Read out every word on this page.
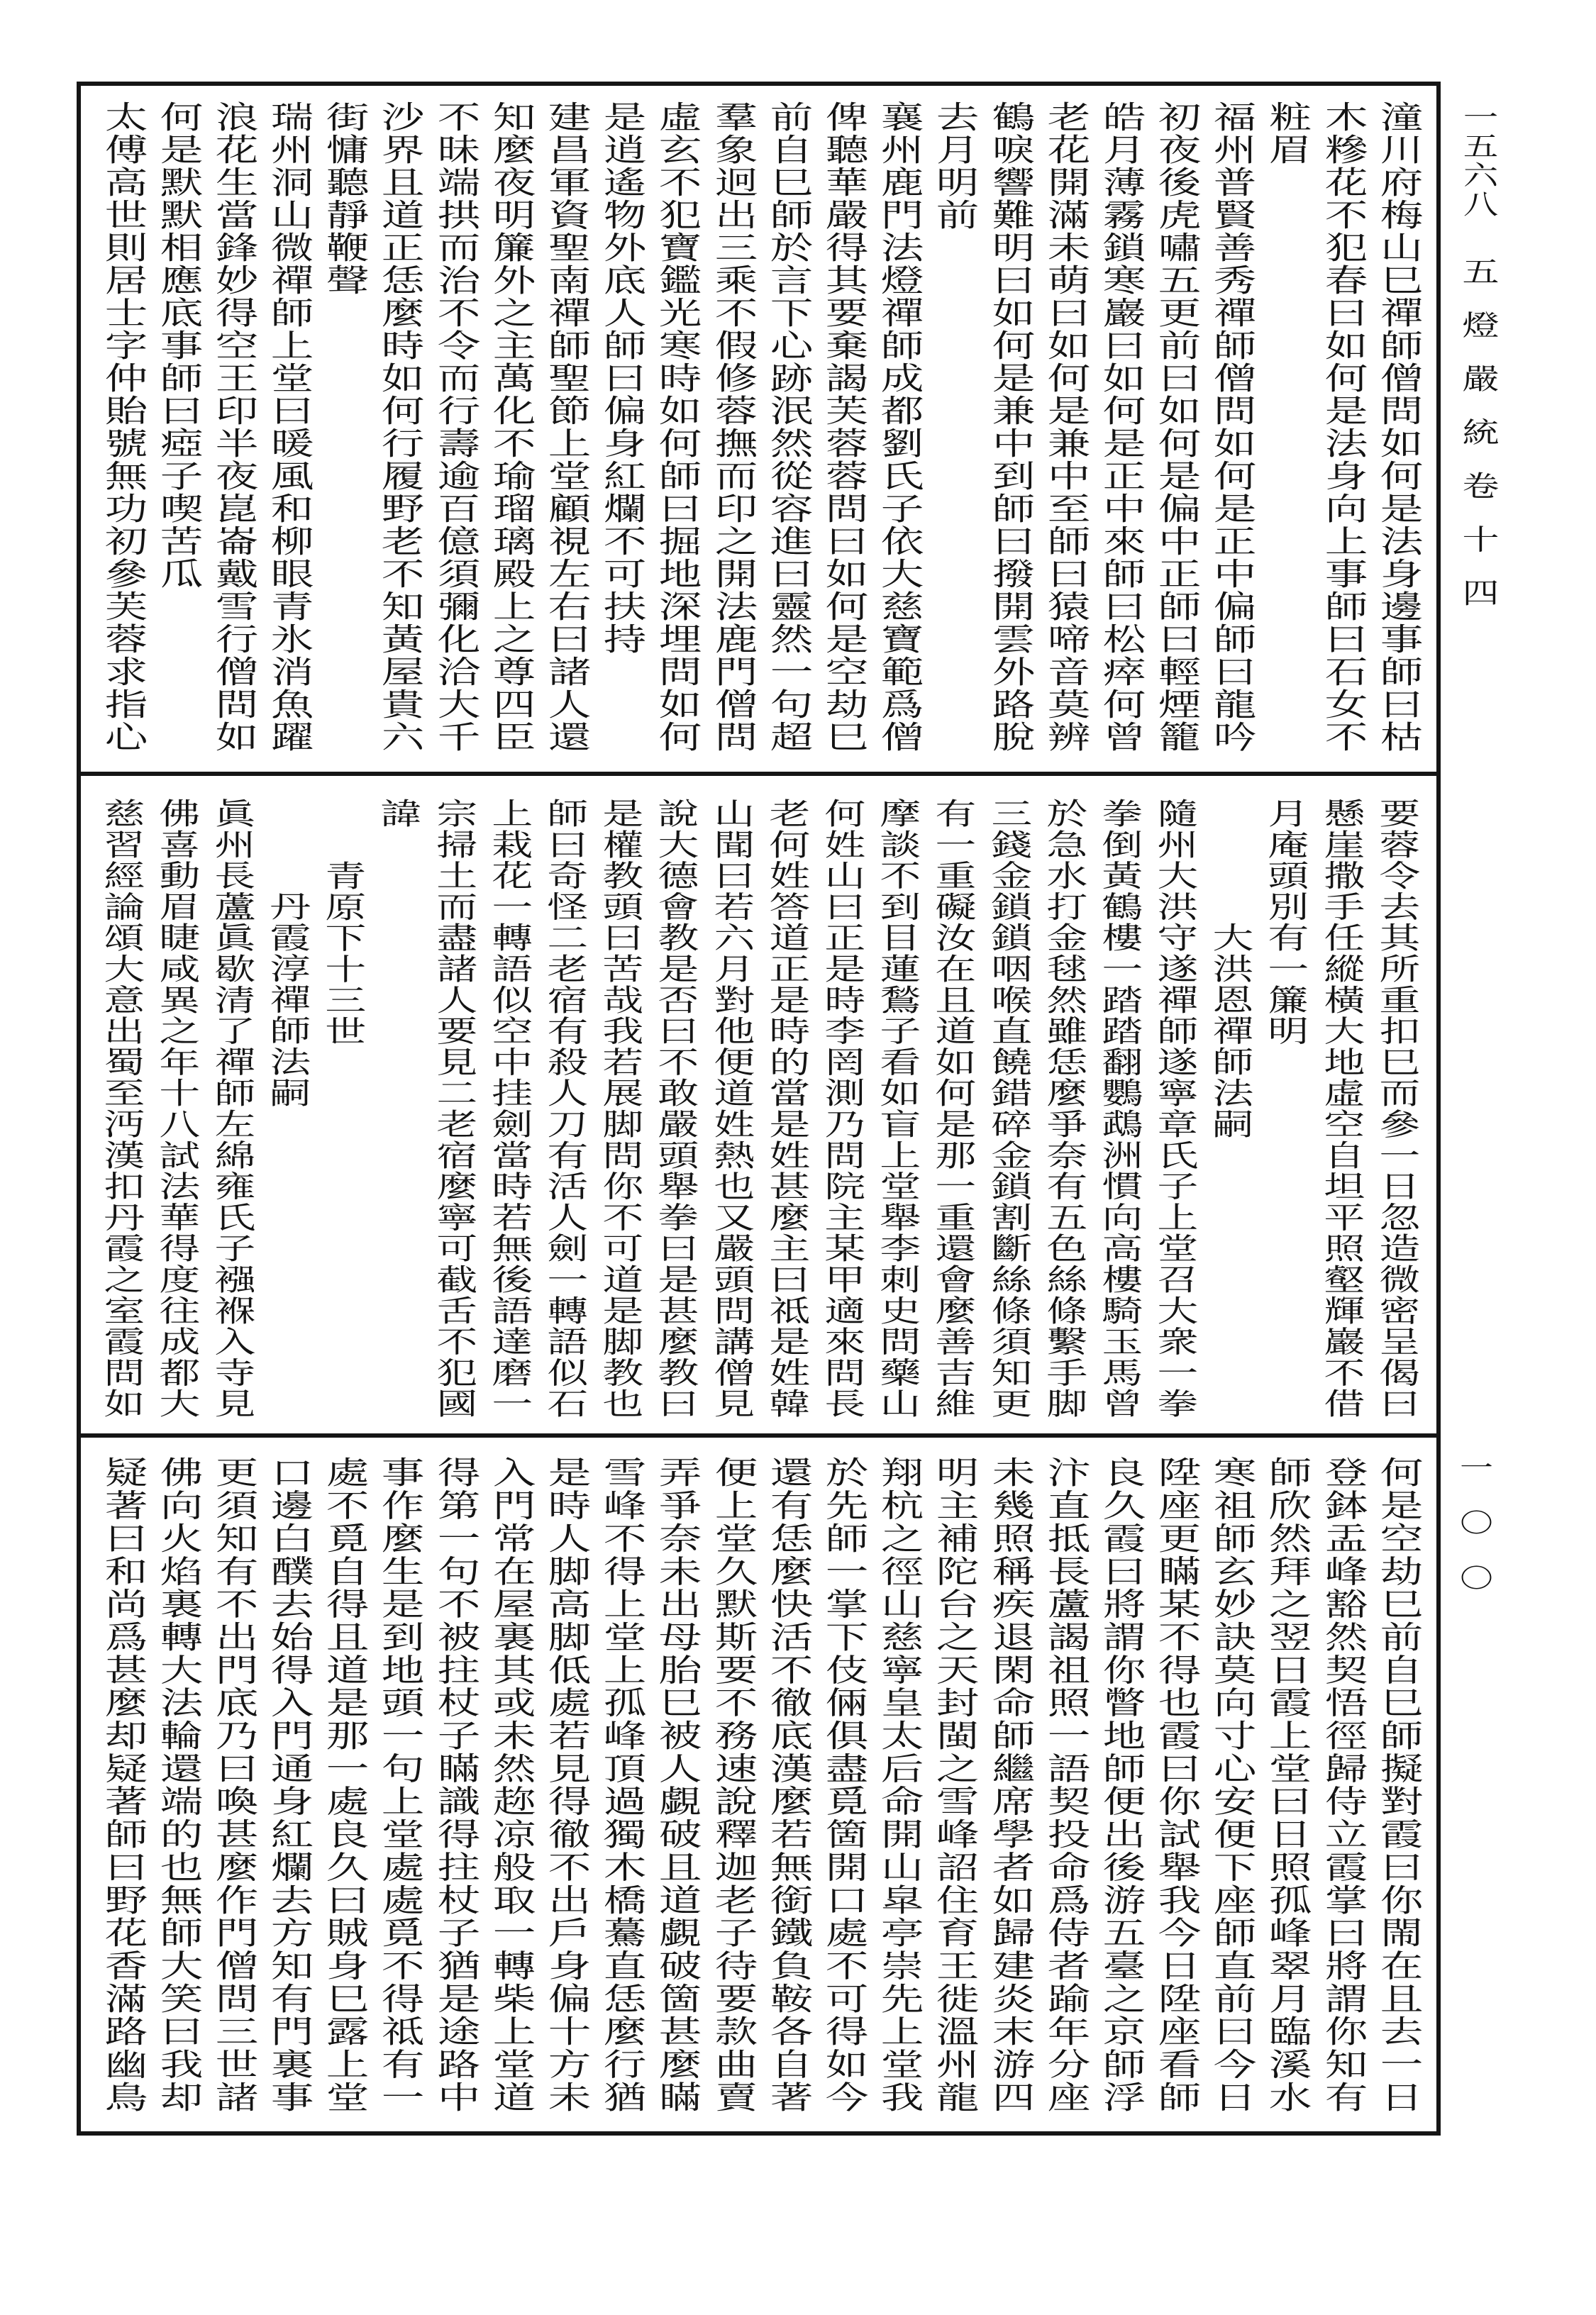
一五六八
五燈嚴統卷十四
一〇〇
潼川府梅山巳禪師僧問如何是法身邊事師曰枯
木糝花不犯春曰如何是法身向上事師曰石女不
粧眉
福州普賢善秀禪師僧問如何是正中偏師曰龍吟
初夜後虎嘯五更前曰如何是偏中正師曰輕煙籠
皓月薄霧鎖寒巖曰如何是正中來師曰松瘁何曾
老花開滿未萌曰如何是兼中至師曰猿啼音莫辨
鶴唳響難明曰如何是兼中到師曰撥開雲外路脫
去月明前
襄州鹿門法燈禪師成都劉氏子依大慈寶範爲僧
俾聽華嚴得其要棄謁芙蓉蓉問曰如何是空劫巳
前自巳師於言下心跡泯然從容進曰靈然一句超
羣象迥出三乘不假修蓉撫而印之開法鹿門僧問
虛玄不犯寶鑑光寒時如何師曰掘地深埋問如何
是逍遙物外底人師曰偏身紅爛不可扶持
建昌軍資聖南禪師聖節上堂顧視左右曰諸人還
知麼夜明簾外之主萬化不瑜瑠璃殿上之尊四臣
不昧端拱而治不令而行壽逾百億須彌化洽大千
沙界且道正恁麼時如何行履野老不知黃屋貴六
街慵聽靜鞭聲
瑞州洞山微禪師上堂曰暖風和柳眼青氷消魚躍
浪花生當鋒妙得空王印半夜崑崙戴雪行僧問如
何是默默相應底事師曰瘂子喫苦瓜
太傅高世則居士字仲貽號無功初參芙蓉求指心
要蓉令去其所重扣巳而參一日忽造微密呈偈曰
懸崖撒手任縱橫大地虛空自坦平照壑輝巖不借
月庵頭別有一簾明
大洪恩禪師法嗣
隨州大洪守遂禪師遂寧章氏子上堂召大衆一拳
拳倒黃鶴樓一踏踏翻鸚鵡洲慣向高樓騎玉馬曾
於急水打金毬然雖恁麼爭奈有五色絲條繫手脚
三錢金鎖鎖咽喉直饒錯碎金鎖割斷絲條須知更
有一重礙汝在且道如何是那一重還會麼善吉維
摩談不到目蓮鶖子看如盲上堂舉李刺史問藥山
何姓山曰正是時李罔測乃問院主某甲適來問長
老何姓答道正是時的當是姓甚麼主曰祗是姓韓
山聞曰若六月對他便道姓熱也又嚴頭問講僧見
說大德會教是否曰不敢嚴頭舉拳曰是甚麼教曰
是權教頭曰苦哉我若展脚問你不可道是脚教也
師曰奇怪二老宿有殺人刀有活人劍一轉語似石
上栽花一轉語似空中挂劍當時若無後語達磨一
宗掃土而盡諸人要見二老宿麼寧可截舌不犯國
諱
青原下十三世
丹霞淳禪師法嗣
眞州長蘆眞歇清了禪師左綿雍氏子襁褓入寺見
佛喜動眉睫咸異之年十八試法華得度往成都大
慈習經論頌大意出蜀至沔漢扣丹霞之室霞問如
何是空劫巳前自巳師擬對霞曰你閙在且去一日
登鉢盂峰豁然契悟徑歸侍立霞掌曰將謂你知有
師欣然拜之翌日霞上堂曰日照孤峰翠月臨溪水
寒祖師玄妙訣莫向寸心安便下座師直前曰今日
陞座更瞞某不得也霞曰你試舉我今日陞座看師
良久霞曰將謂你瞥地師便出後游五臺之京師浮
汴直抵長蘆謁祖照一語契投命爲侍者踰年分座
未幾照稱疾退閑命師繼席學者如歸建炎末游四
明主補陀台之天封閩之雪峰詔住育王徙溫州龍
翔杭之徑山慈寧皇太后命開山皐亭崇先上堂我
於先師一掌下伎倆俱盡覓箇開口處不可得如今
還有恁麼快活不徹底漢麼若無銜鐵負鞍各自著
便上堂久默斯要不務速說釋迦老子待要款曲賣
弄爭奈未出母胎巳被人覷破且道覷破箇甚麼瞞
雪峰不得上堂上孤峰頂過獨木橋驀直恁麼行猶
是時人脚高脚低處若見得徹不出戶身偏十方未
入門常在屋裏其或未然趂凉般取一轉柴上堂道
得第一句不被拄杖子瞞識得拄杖子猶是途路中
事作麼生是到地頭一句上堂處處覓不得祗有一
處不覓自得且道是那一處良久曰賊身巳露上堂
口邊白醭去始得入門通身紅爛去方知有門裏事
更須知有不出門底乃曰喚甚麼作門僧問三世諸
佛向火焰裏轉大法輪還端的也無師大笑曰我却
疑著曰和尚爲甚麼却疑著師曰野花香滿路幽鳥
